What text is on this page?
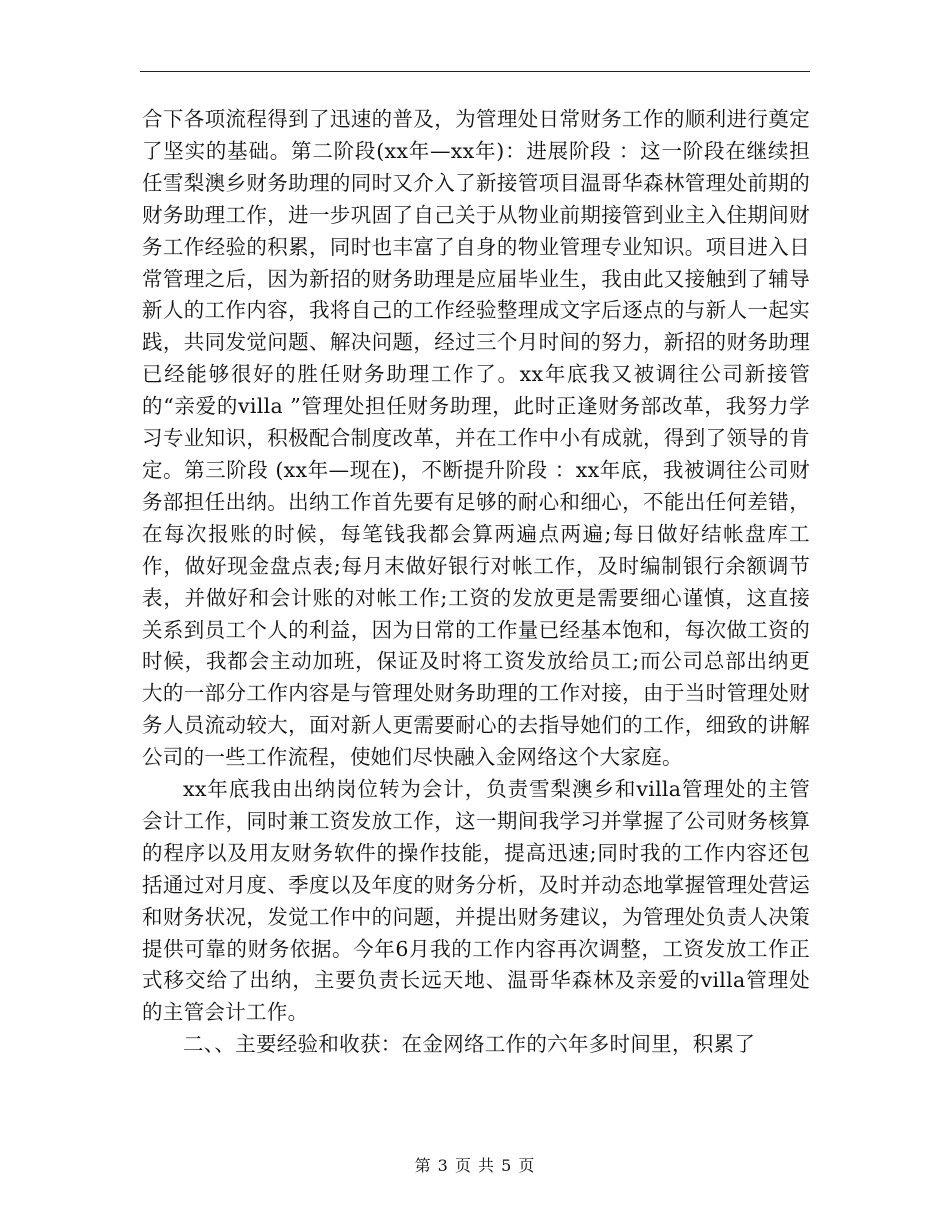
合下各项流程得到了迅速的普及，为管理处日常财务工作的顺利进行奠定了坚实的基础。第二阶段(xx年—xx年)：进展阶段 ：这一阶段在继续担任雪梨澳乡财务助理的同时又介入了新接管项目温哥华森林管理处前期的财务助理工作，进一步巩固了自己关于从物业前期接管到业主入住期间财务工作经验的积累，同时也丰富了自身的物业管理专业知识。项目进入日常管理之后，因为新招的财务助理是应届毕业生，我由此又接触到了辅导新人的工作内容，我将自己的工作经验整理成文字后逐点的与新人一起实践，共同发觉问题、解决问题，经过三个月时间的努力，新招的财务助理已经能够很好的胜任财务助理工作了。xx年底我又被调往公司新接管的“亲爱的villa ”管理处担任财务助理，此时正逢财务部改革，我努力学习专业知识，积极配合制度改革，并在工作中小有成就，得到了领导的肯定。第三阶段 (xx年—现在)，不断提升阶段 ：xx年底，我被调往公司财务部担任出纳。出纳工作首先要有足够的耐心和细心，不能出任何差错，在每次报账的时候，每笔钱我都会算两遍点两遍;每日做好结帐盘库工作，做好现金盘点表;每月末做好银行对帐工作，及时编制银行余额调节表，并做好和会计账的对帐工作;工资的发放更是需要细心谨慎，这直接关系到员工个人的利益，因为日常的工作量已经基本饱和，每次做工资的时候，我都会主动加班，保证及时将工资发放给员工;而公司总部出纳更大的一部分工作内容是与管理处财务助理的工作对接，由于当时管理处财务人员流动较大，面对新人更需要耐心的去指导她们的工作，细致的讲解公司的一些工作流程，使她们尽快融入金网络这个大家庭。

xx年底我由出纳岗位转为会计，负责雪梨澳乡和villa管理处的主管会计工作，同时兼工资发放工作，这一期间我学习并掌握了公司财务核算的程序以及用友财务软件的操作技能，提高迅速;同时我的工作内容还包括通过对月度、季度以及年度的财务分析，及时并动态地掌握管理处营运和财务状况，发觉工作中的问题，并提出财务建议，为管理处负责人决策提供可靠的财务依据。今年6月我的工作内容再次调整，工资发放工作正式移交给了出纳，主要负责长远天地、温哥华森林及亲爱的villa管理处的主管会计工作。

二、、主要经验和收获：在金网络工作的六年多时间里，积累了

第 3 页 共 5 页
